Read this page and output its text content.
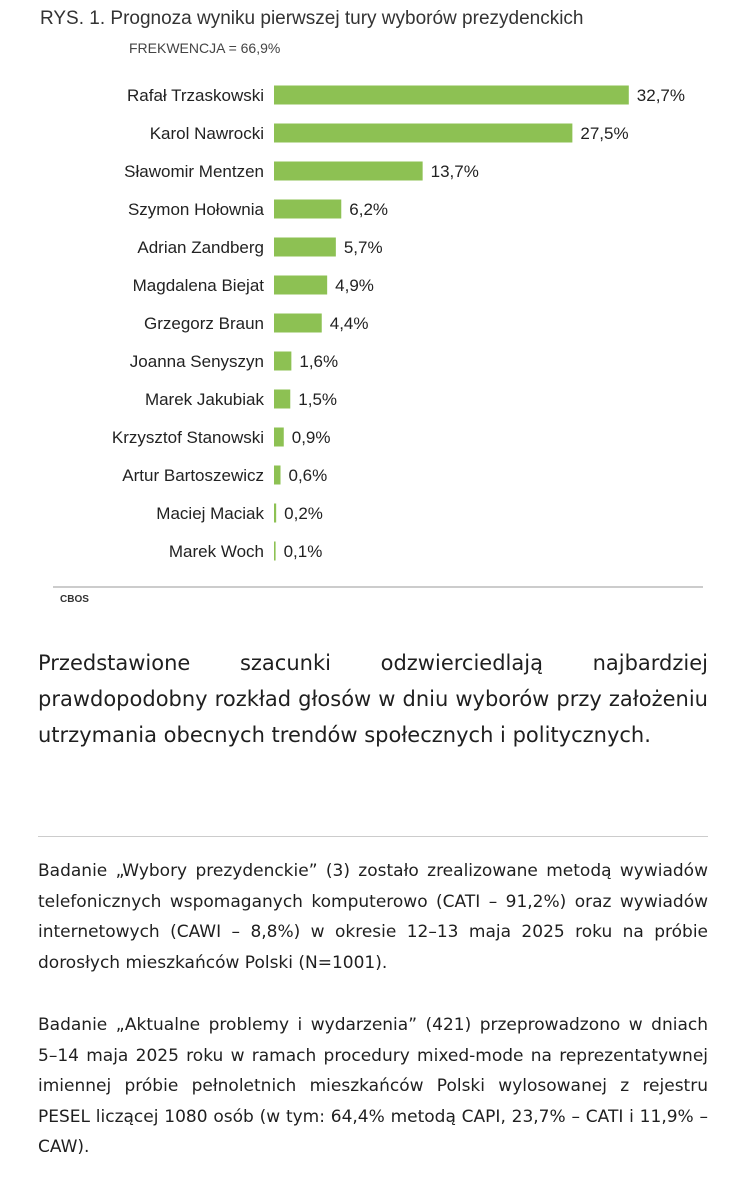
RYS. 1. Prognoza wyniku pierwszej tury wyborów prezydenckich
FREKWENCJA = 66,9%
Rafał Trzaskowski	32,7%
Karol Nawrocki	27,5%
Sławomir Mentzen	13,7%
Szymon Hołownia	6,2%
Adrian Zandberg	5,7%
Magdalena Biejat	4,9%
Grzegorz Braun	4,4%
Joanna Senyszyn 1,6%
Marek Jakubiak 1,5%
Krzysztof Stanowski 0,9%
Artur Bartoszewicz 0,6%
Maciej Maciak 0,2%
Marek Woch 0,1%
CBOS

Przedstawione szacunki odzwierciedlają najbardziej prawdopodobny rozkład głosów w dniu wyborów przy założeniu utrzymania obecnych trendów społecznych i politycznych.

Badanie „Wybory prezydenckie” (3) zostało zrealizowane metodą wywiadów telefonicznych wspomaganych komputerowo (CATI – 91,2%) oraz wywiadów internetowych (CAWI – 8,8%) w okresie 12–13 maja 2025 roku na próbie dorosłych mieszkańców Polski (N=1001).

Badanie „Aktualne problemy i wydarzenia” (421) przeprowadzono w dniach 5–14 maja 2025 roku w ramach procedury mixed-mode na reprezentatywnej imiennej próbie pełnoletnich mieszkańców Polski wylosowanej z rejestru PESEL liczącej 1080 osób (w tym: 64,4% metodą CAPI, 23,7% – CATI i 11,9% – CAW).
